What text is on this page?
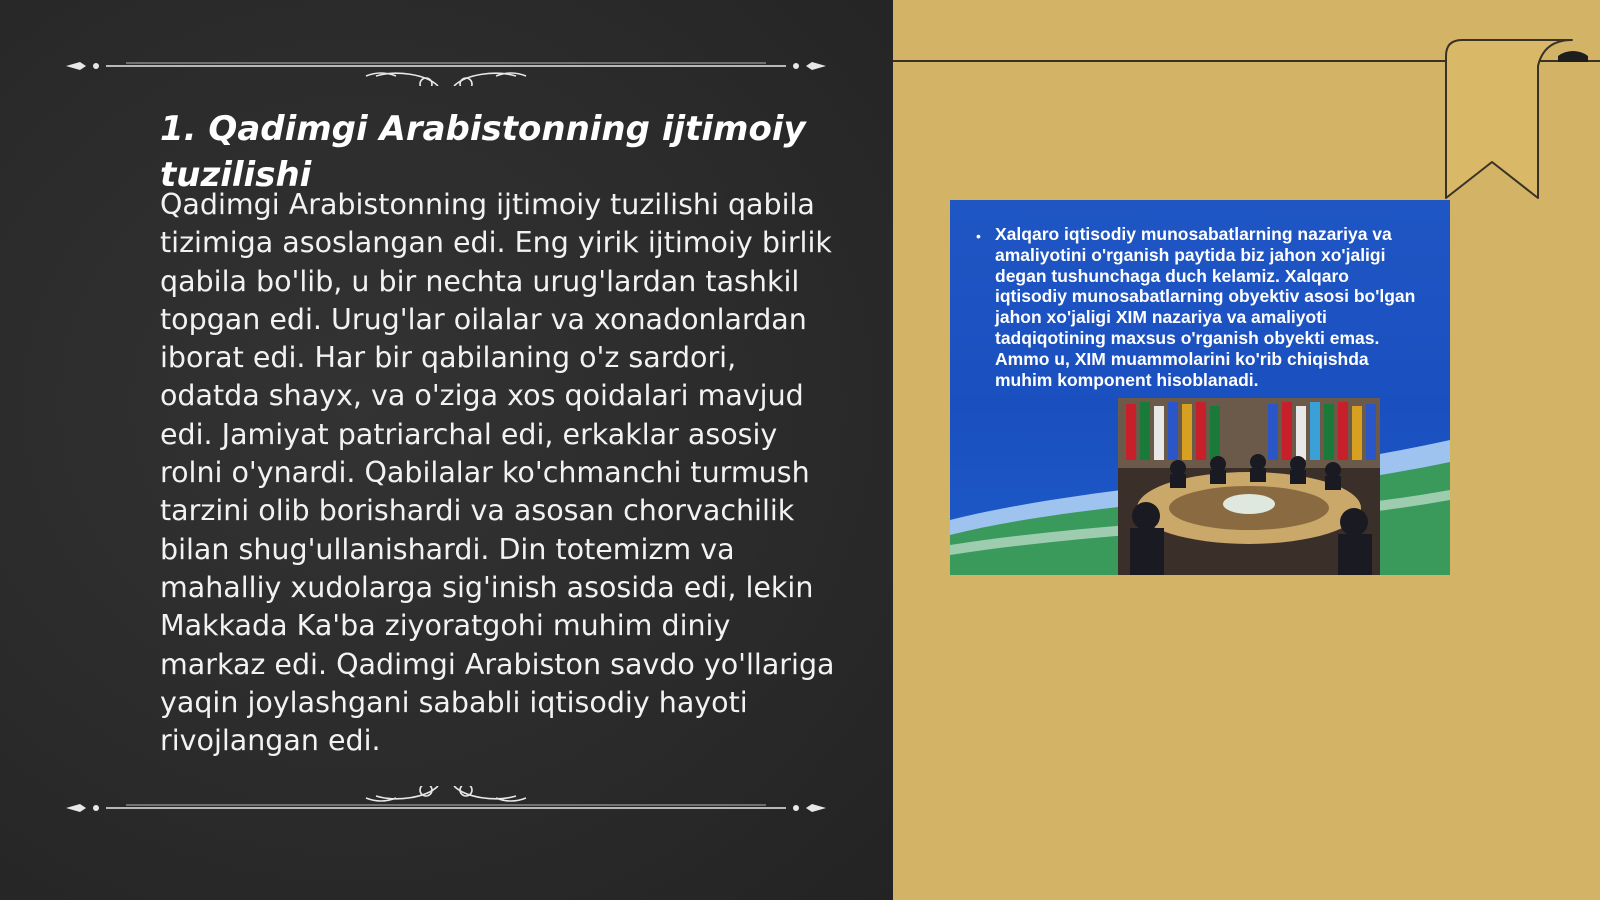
1. Qadimgi Arabistonning ijtimoiy tuzilishi

Qadimgi Arabistonning ijtimoiy tuzilishi qabila tizimiga asoslangan edi. Eng yirik ijtimoiy birlik qabila bo'lib, u bir nechta urug'lardan tashkil topgan edi. Urug'lar oilalar va xonadonlardan iborat edi. Har bir qabilaning o'z sardori, odatda shayx, va o'ziga xos qoidalari mavjud edi. Jamiyat patriarchal edi, erkaklar asosiy rolni o'ynardi. Qabilalar ko'chmanchi turmush tarzini olib borishardi va asosan chorvachilik bilan shug'ullanishardi. Din totemizm va mahalliy xudolarga sig'inish asosida edi, lekin Makkada Ka'ba ziyoratgohi muhim diniy markaz edi. Qadimgi Arabiston savdo yo'llariga yaqin joylashgani sababli iqtisodiy hayoti rivojlangan edi.

• Xalqaro iqtisodiy munosabatlarning nazariya va amaliyotini o'rganish paytida biz jahon xo'jaligi degan tushunchaga duch kelamiz. Xalqaro iqtisodiy munosabatlarning obyektiv asosi bo'lgan jahon xo'jaligi XIM nazariya va amaliyoti tadqiqotining maxsus o'rganish obyekti emas. Ammo u, XIM muammolarini ko'rib chiqishda muhim komponent hisoblanadi.
